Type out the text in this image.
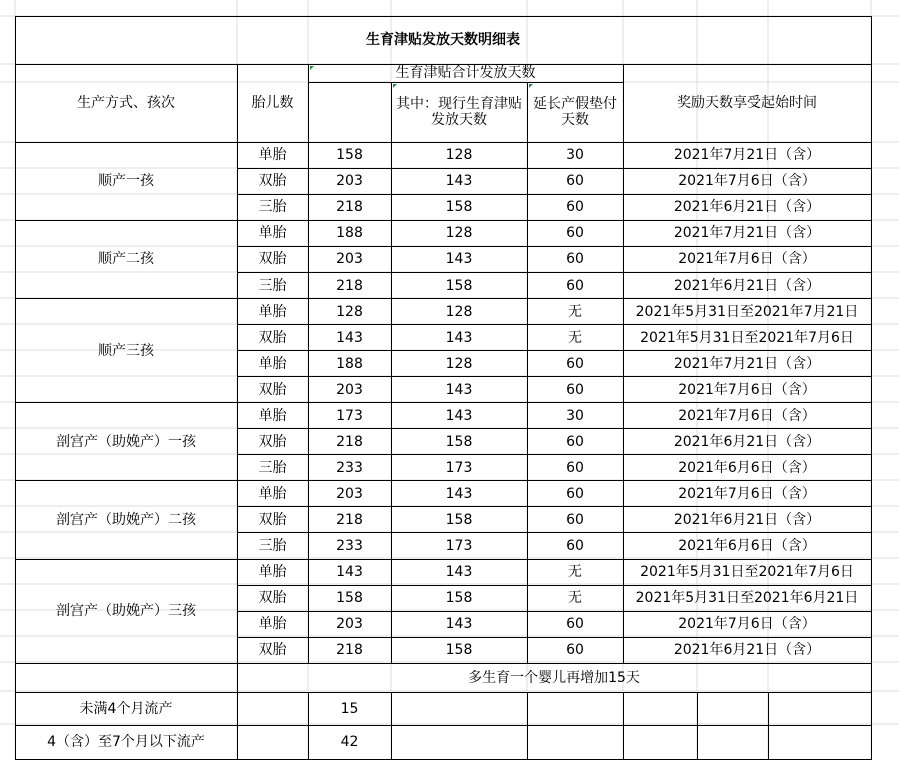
	生育津贴发放天数明细表								
	生产方式、孩次	胎儿数	生育津贴合计发放天数			奖励天数享受起始时间			
				其中：现行生育津贴发放天数	延长产假垫付天数				
	顺产一孩	单胎	158	128	30	2021年7月21日（含）			
		双胎	203	143	60	2021年7月6日（含）			
		三胎	218	158	60	2021年6月21日（含）			
	顺产二孩	单胎	188	128	60	2021年7月21日（含）			
		双胎	203	143	60	2021年7月6日（含）			
		三胎	218	158	60	2021年6月21日（含）			
	顺产三孩	单胎	128	128	无	2021年5月31日至2021年7月21日			
		双胎	143	143	无	2021年5月31日至2021年7月6日			
		单胎	188	128	60	2021年7月21日（含）			
		双胎	203	143	60	2021年7月6日（含）			
	剖宫产（助娩产）一孩	单胎	173	143	30	2021年7月6日（含）			
		双胎	218	158	60	2021年6月21日（含）			
		三胎	233	173	60	2021年6月6日（含）			
	剖宫产（助娩产）二孩	单胎	203	143	60	2021年7月6日（含）			
		双胎	218	158	60	2021年6月21日（含）			
		三胎	233	173	60	2021年6月6日（含）			
	剖宫产（助娩产）三孩	单胎	143	143	无	2021年5月31日至2021年7月6日			
		双胎	158	158	无	2021年5月31日至2021年6月21日			
		单胎	203	143	60	2021年7月6日（含）			
		双胎	218	158	60	2021年6月21日（含）			
		多生育一个婴儿再增加15天							
	未满4个月流产		15						
	4（含）至7个月以下流产		42						
